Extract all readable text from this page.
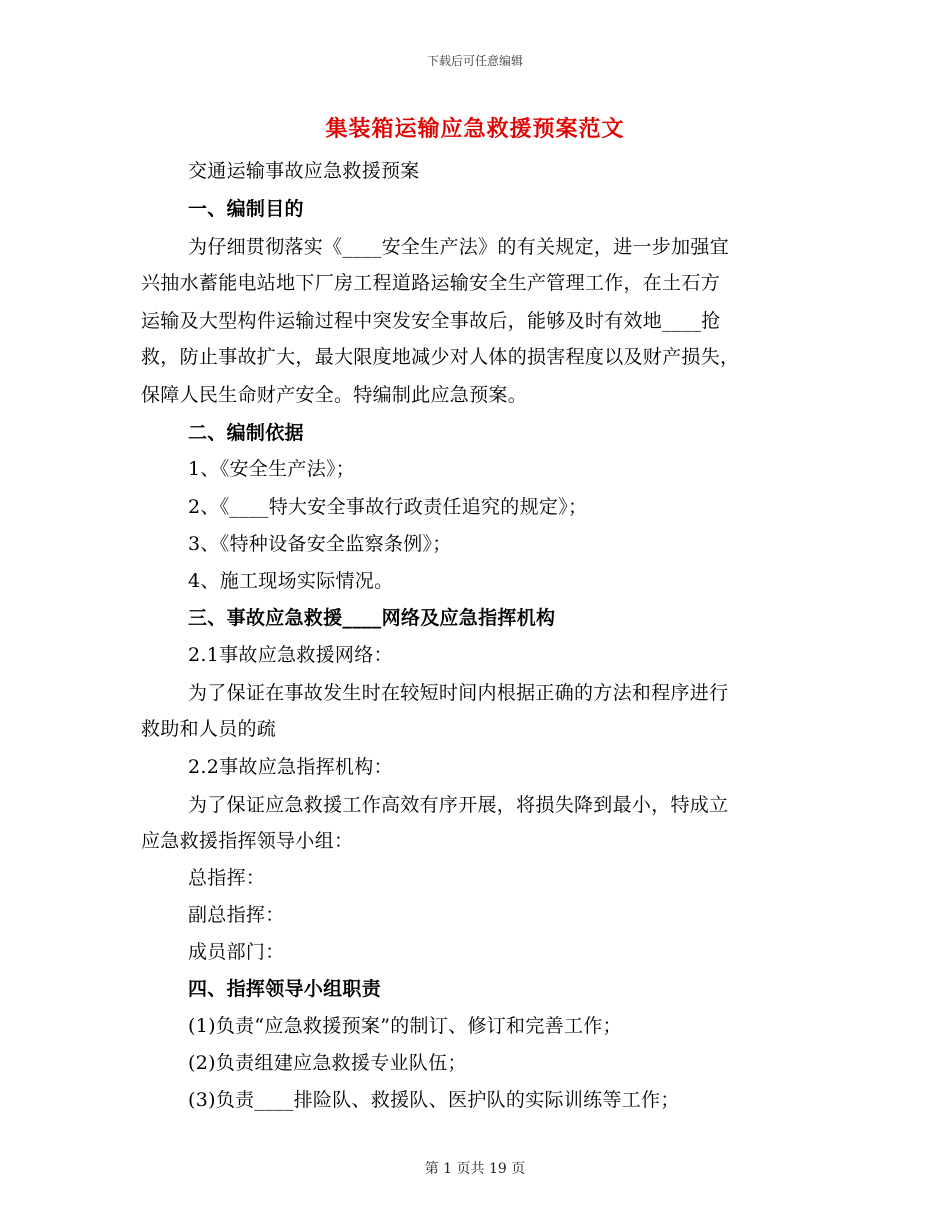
下载后可任意编辑
集装箱运输应急救援预案范文
交通运输事故应急救援预案
一、编制目的
为仔细贯彻落实《____安全生产法》的有关规定，进一步加强宜
兴抽水蓄能电站地下厂房工程道路运输安全生产管理工作，在土石方
运输及大型构件运输过程中突发安全事故后，能够及时有效地____抢
救，防止事故扩大，最大限度地减少对人体的损害程度以及财产损失，
保障人民生命财产安全。特编制此应急预案。
二、编制依据
1、《安全生产法》；
2、《____特大安全事故行政责任追究的规定》；
3、《特种设备安全监察条例》；
4、施工现场实际情况。
三、事故应急救援____网络及应急指挥机构
2.1事故应急救援网络：
为了保证在事故发生时在较短时间内根据正确的方法和程序进行
救助和人员的疏
2.2事故应急指挥机构：
为了保证应急救援工作高效有序开展，将损失降到最小，特成立
应急救援指挥领导小组：
总指挥：
副总指挥：
成员部门：
四、指挥领导小组职责
(1)负责“应急救援预案”的制订、修订和完善工作；
(2)负责组建应急救援专业队伍；
(3)负责____排险队、救援队、医护队的实际训练等工作；
第 1 页共 19 页
